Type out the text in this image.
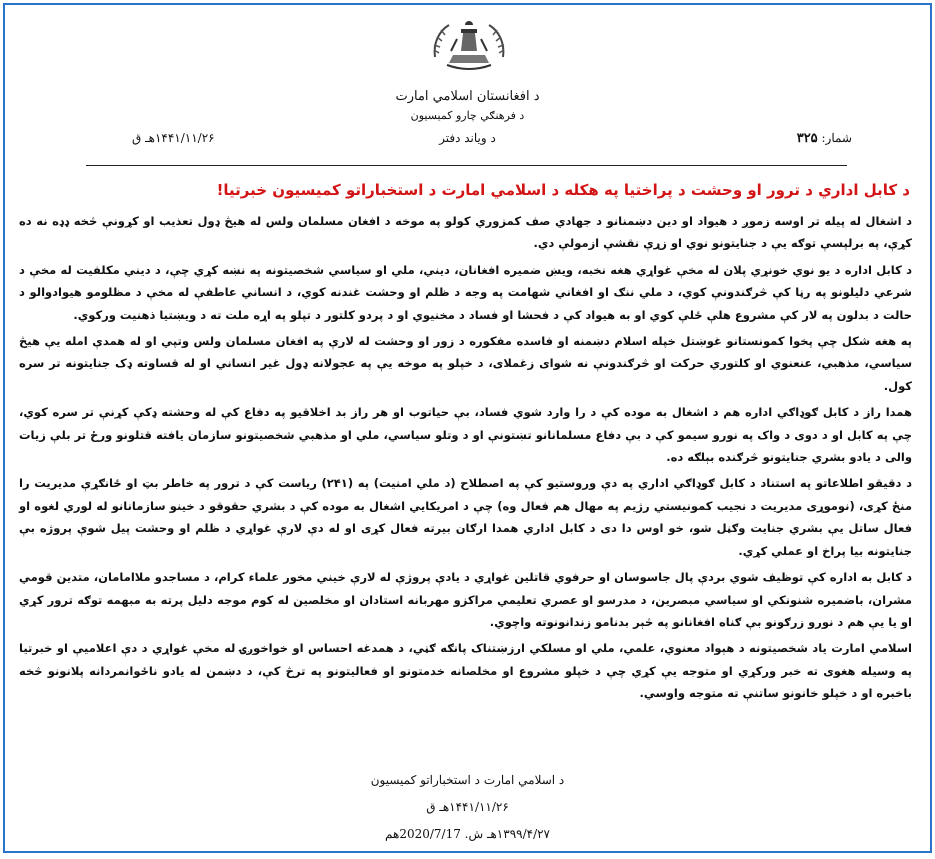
د افغانستان اسلامي امارت
د فرهنګي چارو کميسيون
شمار: ۳۲۵
د ویاند دفتر
۱۴۴۱/۱۱/۲۶هـ ق
د کابل اداري د ترور او وحشت د پراختيا په هکله د اسلامي امارت د استخباراتو کميسيون خبرتيا!

د اشغال له پيله تر اوسه زموږ د هيواد او دين دښمنانو د جهادي صف کمزوري کولو په موخه د افغان مسلمان ولس له هيڅ ډول تعذيب او کړونې څخه ډډه نه ده کړې، په برلپسې توګه يې د جنايتونو نوي او زړې نقشې ازمولې دي.

د کابل اداره د يو نوي خونړي پلان له مخې غواړي هغه نخبه، ويښ ضميره افغانان، ديني، ملي او سياسي شخصيتونه په نښه کړي چې، د ديني مکلفيت له مخې د شرعي دليلونو په رڼا کې څرګندونې کوي، د ملي ننګ او افغاني شهامت په وجه د ظلم او وحشت غندنه کوي، د انساني عاطفې له مخې د مظلومو هيوادوالو د حالت د بدلون په لار کې مشروع هلې ځلې کوي او به هيواد کې د فحشا او فساد د مخنيوي او د پردو کلتور د تپلو په اړه ملت ته د ويښتيا ذهنيت ورکوي.

په هغه شکل چې پخوا کمونستانو غوښتل خپله اسلام دښمنه او فاسده مفکوره د زور او وحشت له لارې په افغان مسلمان ولس وتپي او له همدې امله يې هيڅ سياسي، مذهبي، عنعنوي او کلتوري حرکت او څرګندونې نه شواى زغملاى، د خپلو په موخه يې په عجولانه ډول غير انساني او له قساوته ډک جنايتونه تر سره کول.

همدا راز د کابل ګوډاګي اداره هم د اشغال به موده کې د را وارد شوي فساد، بې حياتوب او هر راز بد اخلاقيو په دفاع کې له وحشته ډکې کړنې تر سره کوي، چې په کابل او د دوی د واک په نورو سيمو کې د بې دفاع مسلمانانو تښتونې او د وتلو سياسي، ملي او مذهبي شخصيتونو سازمان يافته قتلونو ورځ تر بلې زيات والی د يادو بشري جنايتونو څرګنده بېلګه ده.

د دقيقو اطلاعاتو په استناد د کابل ګوډاګي اداري په دې وروستيو کې په اصطلاح (د ملي امنيت) په (۲۴۱) رياست کې د ترور په خاطر بټ او ځانګړې مديريت را منځ کړی، (نوموړی مديريت د نجيب کمونيستي رژيم په مهال هم فعال وه) چې د امريکايي اشغال به موده کې د بشري حقوقو د خينو سازمانانو له لوري لغوه او فعال ساتل يې بشري جنايت وګڼل شو، خو اوس دا دی د کابل اداري همدا ارګان بيرته فعال کړی او له دې لارې غواړي د ظلم او وحشت پيل شوې پروژه بې جنايتونه بيا پراخ او عملي کړي.

د کابل به اداره کې توظيف شوي بردې پال جاسوسان او حرفوي قاتلين غواړي د يادې پروژې له لارې خيني مخور علماء کرام، د مساجدو ملاامامان، متدين قومي مشران، باضميره شنونکي او سياسي مبصرين، د مدرسو او عصري تعليمي مراکزو مهربانه استادان او مخلصين له کوم موجه دليل پرته به مبهمه توګه ترور کړي او يا يې هم د نورو زرګونو بې ګناه افغانانو په څېر بدنامو زندانونوته واچوي.

اسلامي امارت ياد شخصيتونه د هېواد معنوي، علمي، ملي او مسلکي ارزښتناک پانګه ګڼي، د همدغه احساس او خواخوږۍ له مخې غواړي د دې اعلاميې او خبرتيا په وسيله هغوی ته خبر ورکړي او متوجه يې کړي چې د خپلو مشروع او مخلصانه خدمتونو او فعاليتونو په ترڅ کې، د دښمن له يادو ناځوانمردانه پلانونو څخه باخبره او د خپلو خانونو ساتنې ته متوجه واوسي.

د اسلامي امارت د استخباراتو کميسيون
۱۴۴۱/۱۱/۲۶هـ ق
۱۳۹۹/۴/۲۷هـ ش. 2020/7/17هم
